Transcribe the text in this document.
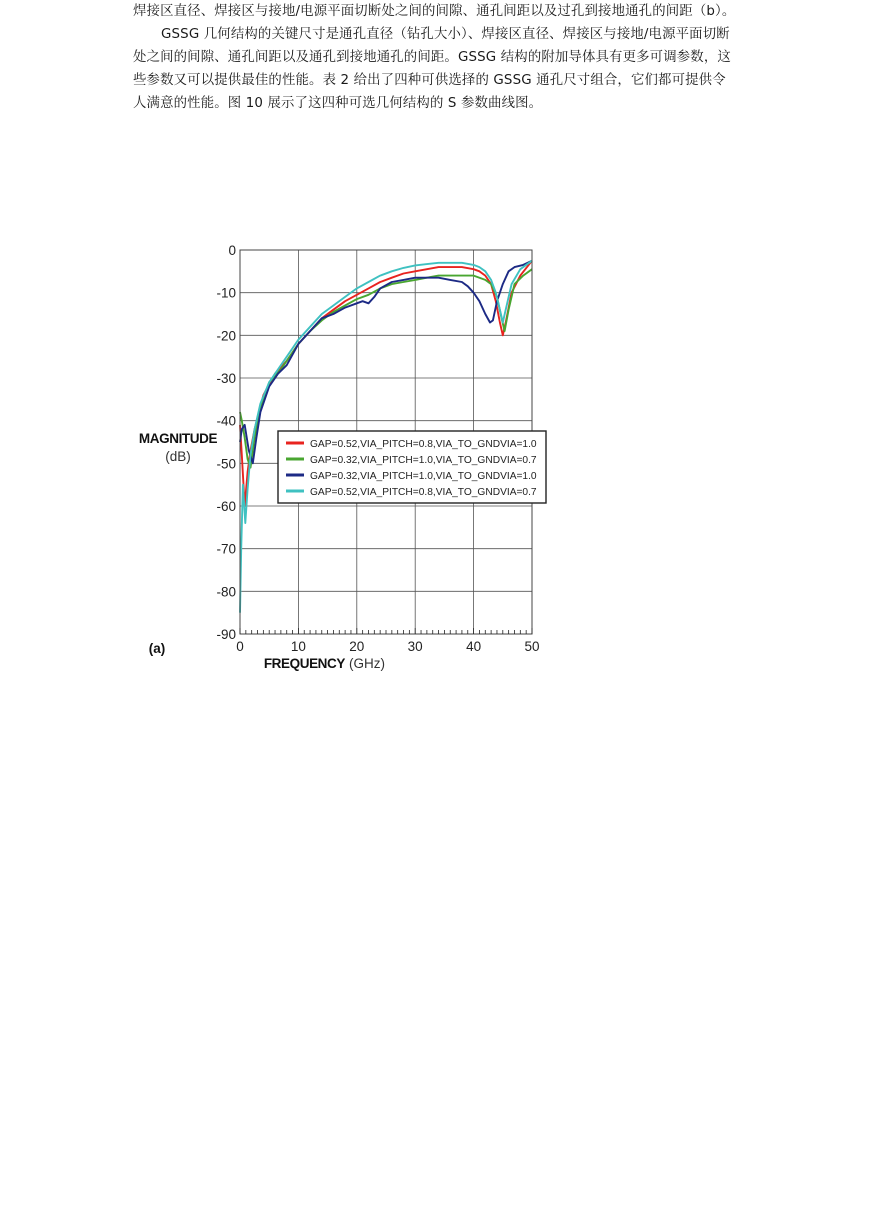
焊接区直径、焊接区与接地/电源平面切断处之间的间隙、通孔间距以及过孔到接地通孔的间距（b）。

GSSG 几何结构的关键尺寸是通孔直径（钻孔大小）、焊接区直径、焊接区与接地/电源平面切断处之间的间隙、通孔间距以及通孔到接地通孔的间距。GSSG 结构的附加导体具有更多可调参数，这些参数又可以提供最佳的性能。表 2 给出了四种可供选择的 GSSG 通孔尺寸组合，它们都可提供令人满意的性能。图 10 展示了这四种可选几何结构的 S 参数曲线图。

0	10	20	30	40	50
0
-10
-20
-30
-40
-50
-60
-70
-80
-90
GAP=0.52,VIA_PITCH=0.8,VIA_TO_GNDVIA=1.0
GAP=0.32,VIA_PITCH=1.0,VIA_TO_GNDVIA=0.7
GAP=0.32,VIA_PITCH=1.0,VIA_TO_GNDVIA=1.0
GAP=0.52,VIA_PITCH=0.8,VIA_TO_GNDVIA=0.7
MAGNITUDE
(dB)
(a)
FREQUENCY (GHz)
